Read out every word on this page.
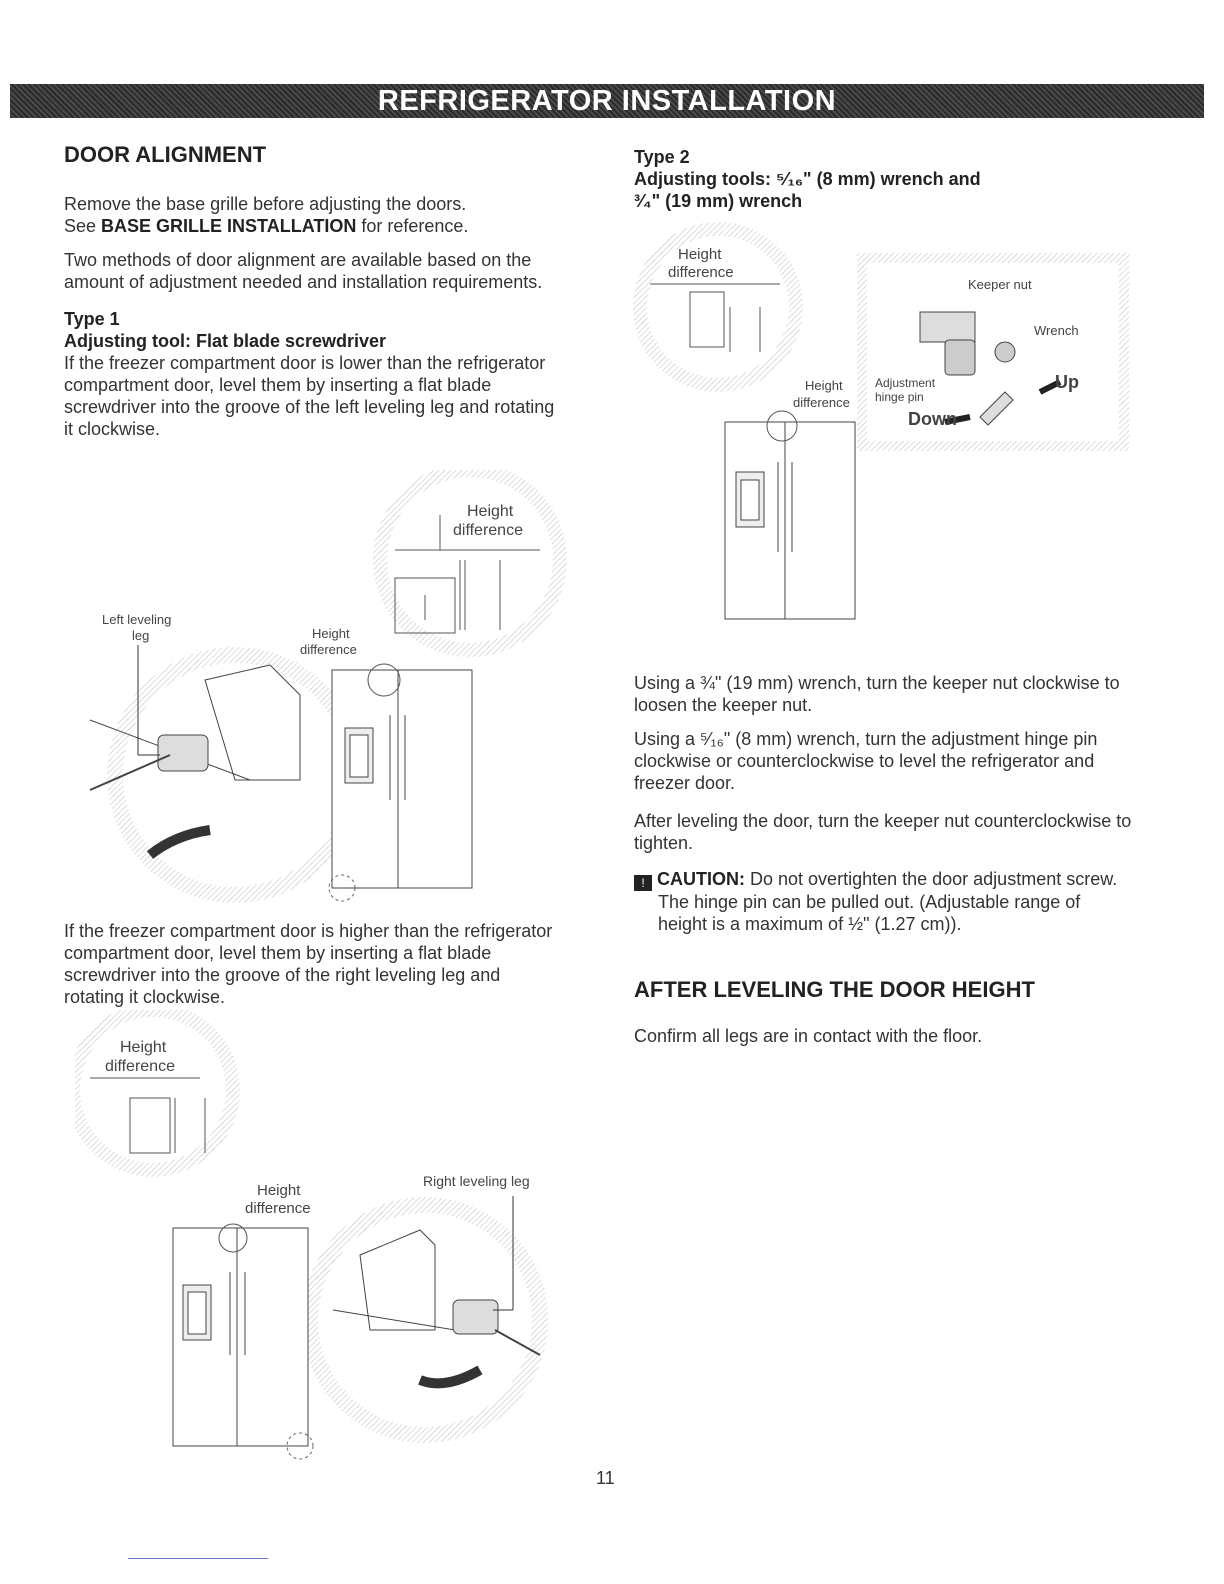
REFRIGERATOR INSTALLATION

DOOR ALIGNMENT

Remove the base grille before adjusting the doors.

See BASE GRILLE INSTALLATION for reference.

Two methods of door alignment are available based on the amount of adjustment needed and installation requirements.

Type 1

Adjusting tool: Flat blade screwdriver

If the freezer compartment door is lower than the refrigerator compartment door, level them by inserting a flat blade screwdriver into the groove of the left leveling leg and rotating it clockwise.

If the freezer compartment door is higher than the refrigerator compartment door, level them by inserting a flat blade screwdriver into the groove of the right leveling leg and rotating it clockwise.

Height
difference
Left leveling
leg	Height
difference
Height
difference
Height
difference
Right leveling leg

Type 2

Adjusting tools: ⁵⁄₁₆" (8 mm) wrench and

³⁄₄" (19 mm) wrench

Height
difference
Keeper nut
Wrench
Height
difference
Adjustment
hinge pin
Up
Down

Using a ¾" (19 mm) wrench, turn the keeper nut clockwise to loosen the keeper nut.

Using a ⁵⁄₁₆" (8 mm) wrench, turn the adjustment hinge pin clockwise or counterclockwise to level the refrigerator and freezer door.

After leveling the door, turn the keeper nut counterclockwise to tighten.

! CAUTION: Do not overtighten the door adjustment screw.

The hinge pin can be pulled out. (Adjustable range of

height is a maximum of ½" (1.27 cm)).

AFTER LEVELING THE DOOR HEIGHT

Confirm all legs are in contact with the floor.

11
